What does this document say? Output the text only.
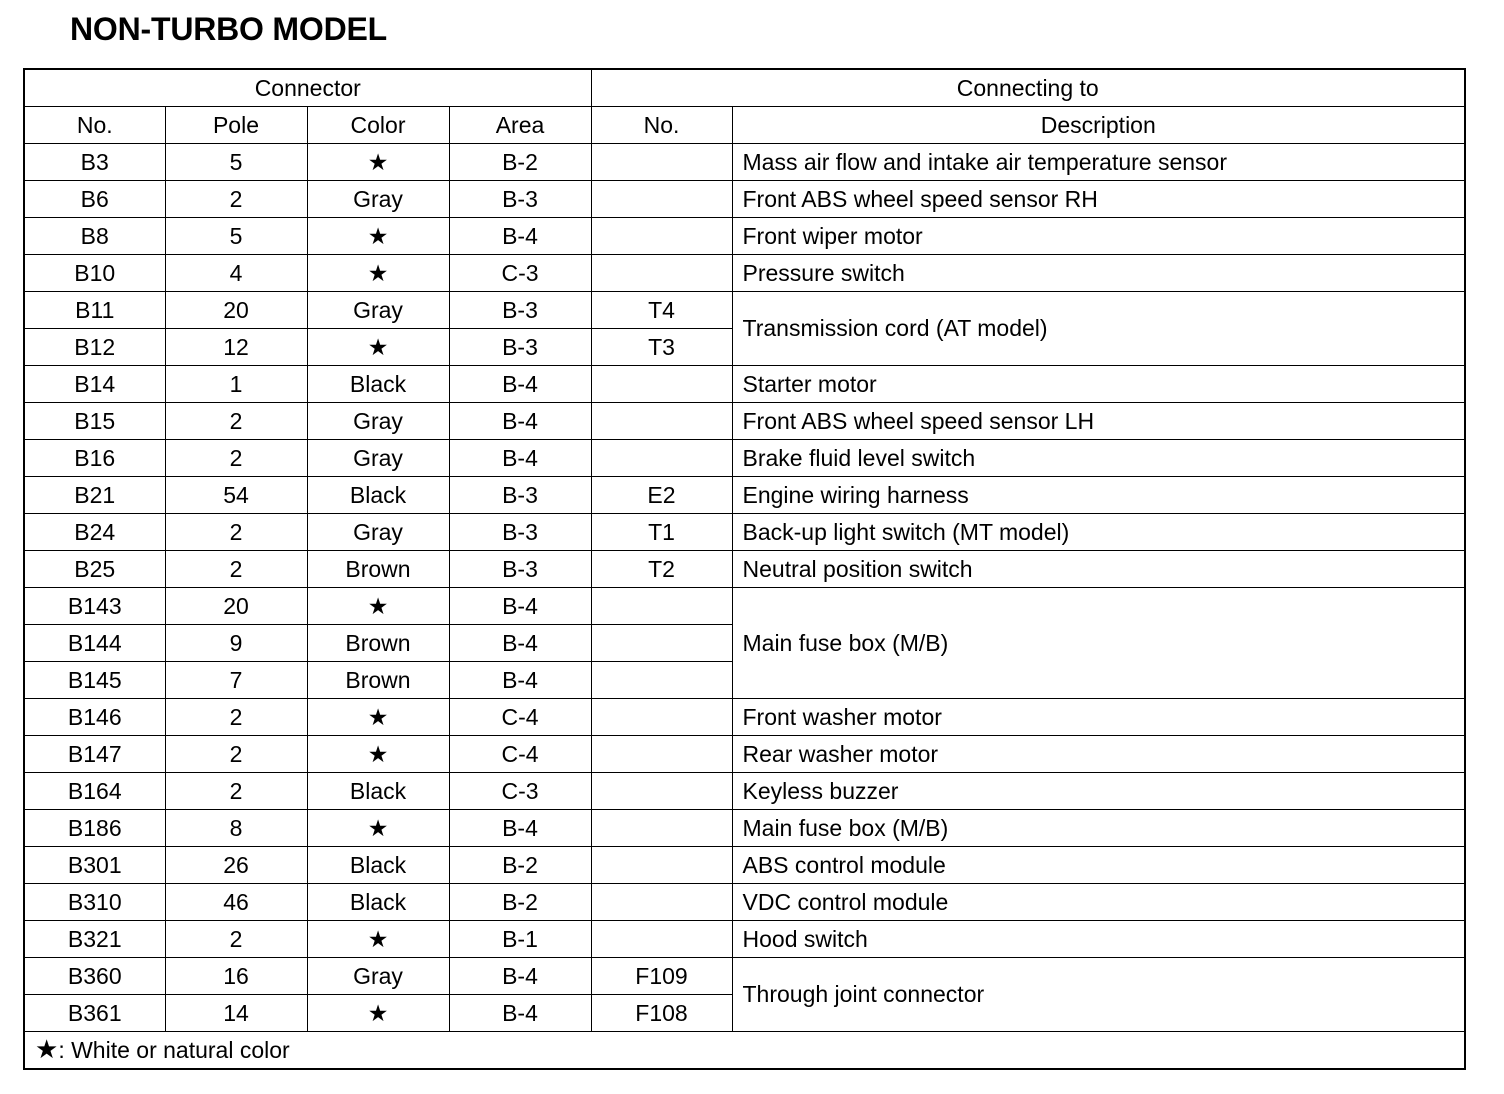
NON-TURBO MODEL
Connector				Connecting to	
No.	Pole	Color	Area	No.	Description
B3	5	★	B-2		Mass air flow and intake air temperature sensor
B6	2	Gray	B-3		Front ABS wheel speed sensor RH
B8	5	★	B-4		Front wiper motor
B10	4	★	C-3		Pressure switch
B11	20	Gray	B-3	T4	Transmission cord (AT model)
B12	12	★	B-3	T3	
B14	1	Black	B-4		Starter motor
B15	2	Gray	B-4		Front ABS wheel speed sensor LH
B16	2	Gray	B-4		Brake fluid level switch
B21	54	Black	B-3	E2	Engine wiring harness
B24	2	Gray	B-3	T1	Back-up light switch (MT model)
B25	2	Brown	B-3	T2	Neutral position switch
B143	20	★	B-4		Main fuse box (M/B)
B144	9	Brown	B-4		
B145	7	Brown	B-4		
B146	2	★	C-4		Front washer motor
B147	2	★	C-4		Rear washer motor
B164	2	Black	C-3		Keyless buzzer
B186	8	★	B-4		Main fuse box (M/B)
B301	26	Black	B-2		ABS control module
B310	46	Black	B-2		VDC control module
B321	2	★	B-1		Hood switch
B360	16	Gray	B-4	F109	Through joint connector
B361	14	★	B-4	F108	
★: White or natural color					
